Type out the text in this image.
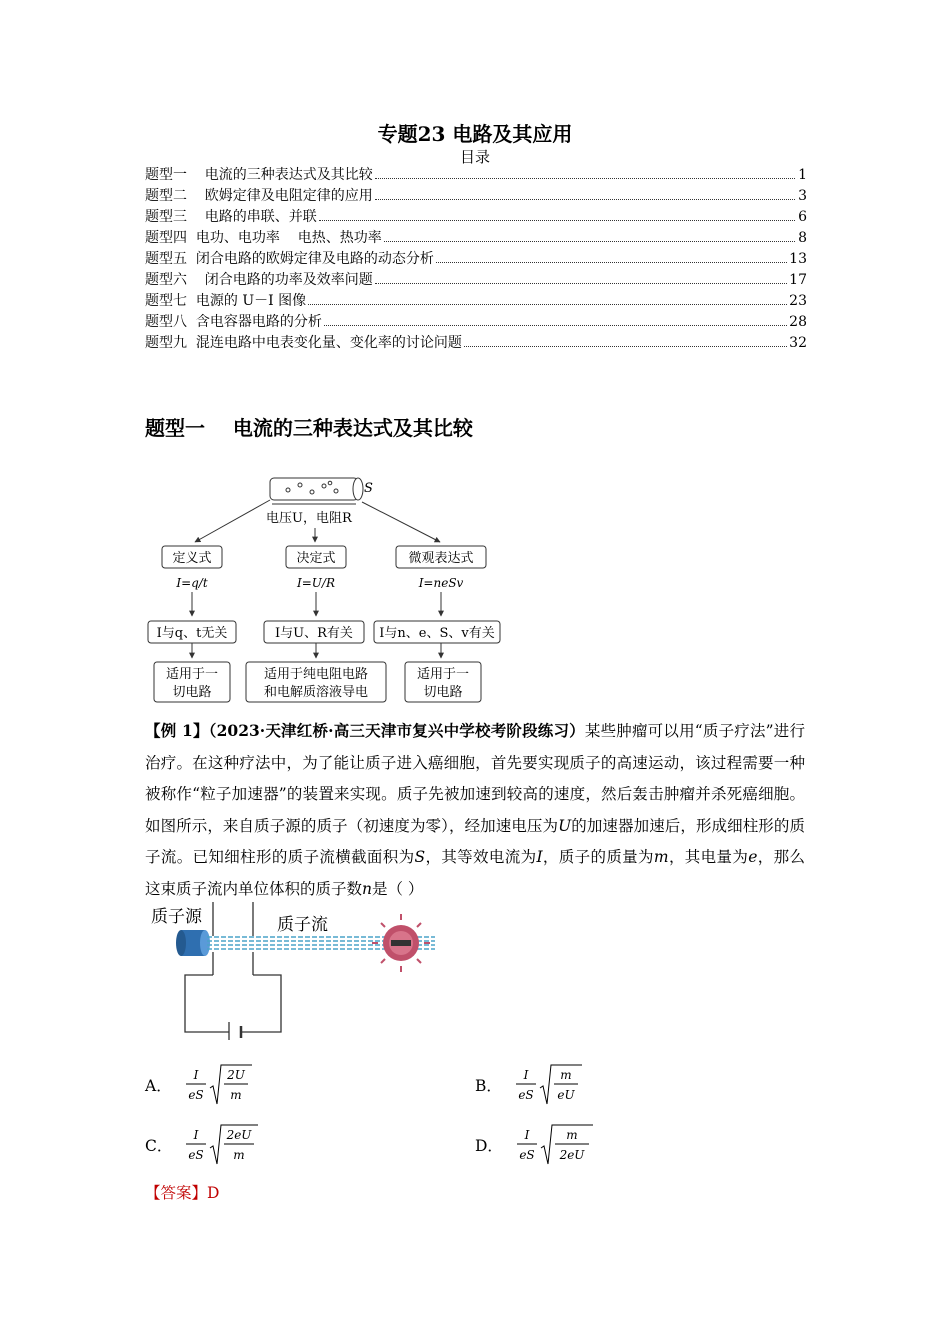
专题23 电路及其应用
目录
题型一    电流的三种表达式及其比较	1
题型二    欧姆定律及电阻定律的应用	3
题型三    电路的串联、并联	6
题型四  电功、电功率    电热、热功率	8
题型五  闭合电路的欧姆定律及电路的动态分析	13
题型六    闭合电路的功率及效率问题	17
题型七  电源的 U－I 图像	23
题型八  含电容器电路的分析	28
题型九  混连电路中电表变化量、变化率的讨论问题	32
题型一    电流的三种表达式及其比较
S
电压U，电阻R
定义式	决定式	微观表达式
I=q/t	I=U/R	I=neSv
I与q、t无关	I与U、R有关 I与n、e、S、v有关
适用于一
切电路
适用于纯电阻电路
和电解质溶液导电
适用于一
切电路
【例 1】（2023·天津红桥·高三天津市复兴中学校考阶段练习）某些肿瘤可以用“质子疗法”进行治疗。在这种疗法中，为了能让质子进入癌细胞，首先要实现质子的高速运动，该过程需要一种被称作“粒子加速器”的装置来实现。质子先被加速到较高的速度，然后轰击肿瘤并杀死癌细胞。如图所示，来自质子源的质子（初速度为零），经加速电压为U的加速器加速后，形成细柱形的质子流。已知细柱形的质子流横截面积为S，其等效电流为I，质子的质量为m，其电量为e，那么这束质子流内单位体积的质子数n是（ ）
质子源	质子流
A．
I
eS
2U
m	B．
I
eS
m
eU
C．
I
eS
2eU
m	D．
I
eS
m
2eU
【答案】D
